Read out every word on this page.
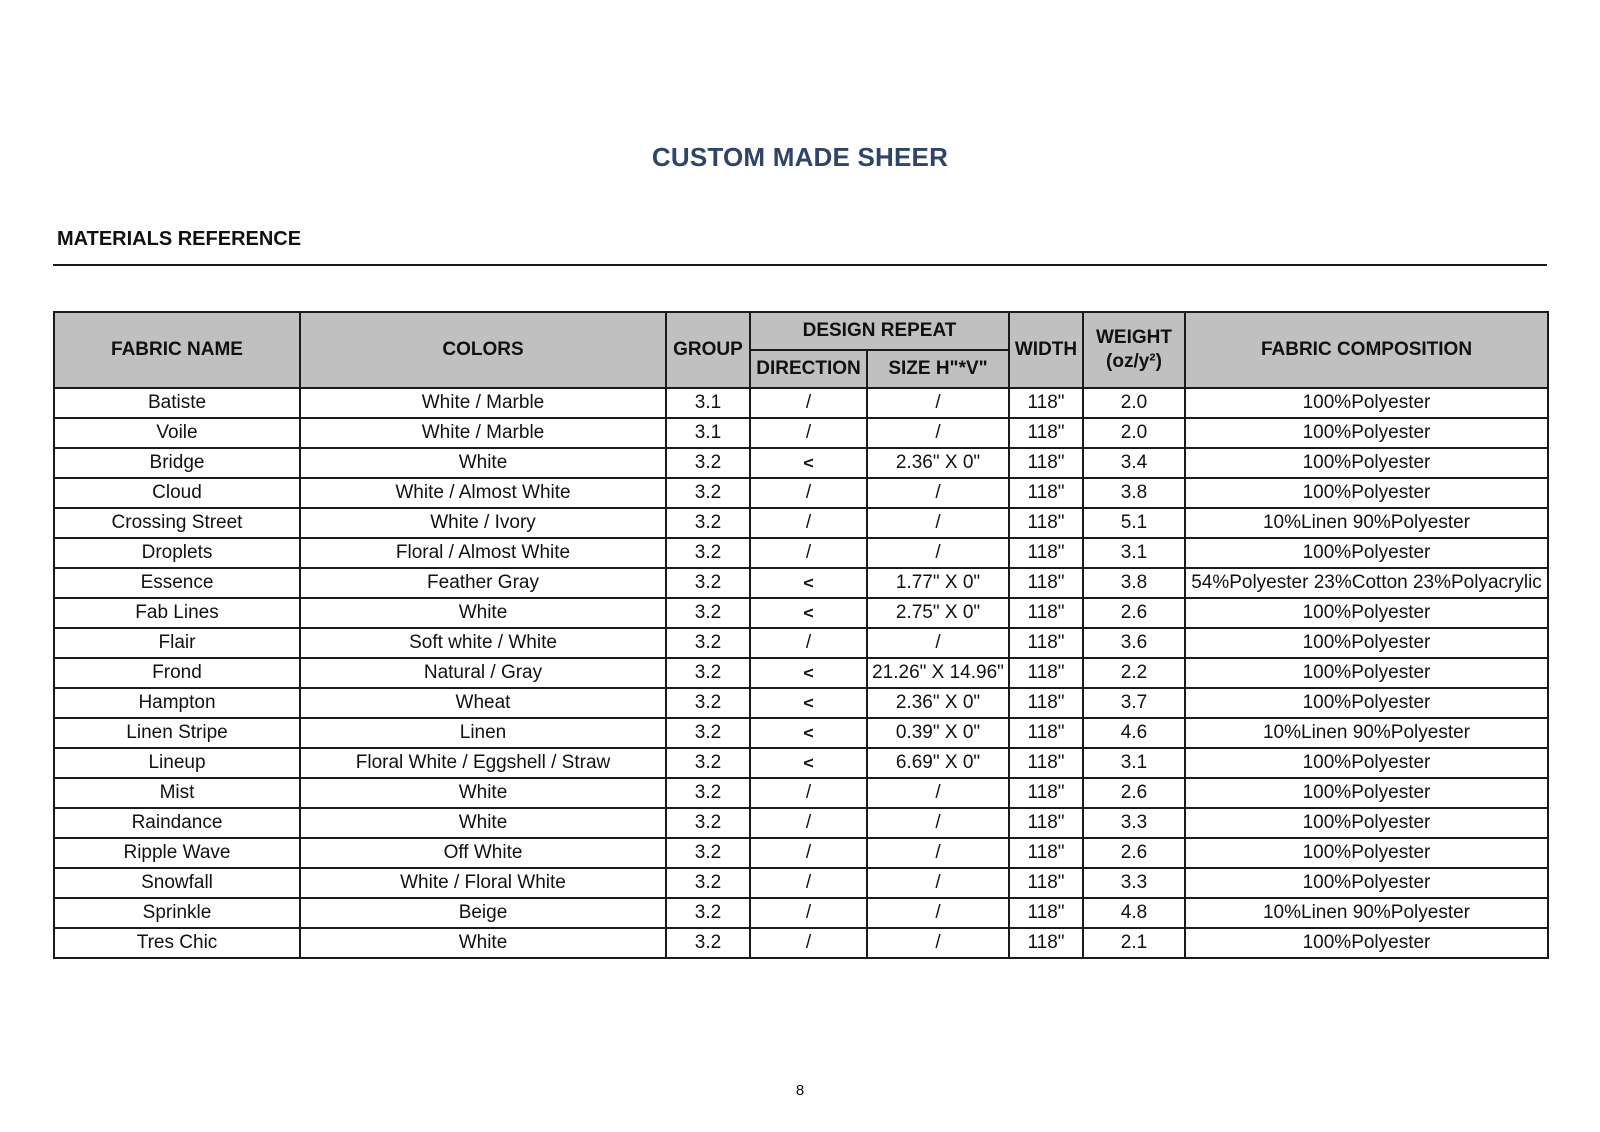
CUSTOM MADE SHEER
MATERIALS REFERENCE
FABRIC NAME	COLORS	GROUP	DESIGN REPEAT		WIDTH	WEIGHT (oz/y²)	FABRIC COMPOSITION
			DIRECTION	SIZE H"*V"			
Batiste	White / Marble	3.1	/	/	118"	2.0	100%Polyester
Voile	White / Marble	3.1	/	/	118"	2.0	100%Polyester
Bridge	White	3.2	<	2.36" X 0"	118"	3.4	100%Polyester
Cloud	White / Almost White	3.2	/	/	118"	3.8	100%Polyester
Crossing Street	White / Ivory	3.2	/	/	118"	5.1	10%Linen 90%Polyester
Droplets	Floral / Almost White	3.2	/	/	118"	3.1	100%Polyester
Essence	Feather Gray	3.2	<	1.77" X 0"	118"	3.8	54%Polyester 23%Cotton 23%Polyacrylic
Fab Lines	White	3.2	<	2.75" X 0"	118"	2.6	100%Polyester
Flair	Soft white / White	3.2	/	/	118"	3.6	100%Polyester
Frond	Natural / Gray	3.2	<	21.26" X 14.96"	118"	2.2	100%Polyester
Hampton	Wheat	3.2	<	2.36" X 0"	118"	3.7	100%Polyester
Linen Stripe	Linen	3.2	<	0.39" X 0"	118"	4.6	10%Linen 90%Polyester
Lineup	Floral White / Eggshell / Straw	3.2	<	6.69" X 0"	118"	3.1	100%Polyester
Mist	White	3.2	/	/	118"	2.6	100%Polyester
Raindance	White	3.2	/	/	118"	3.3	100%Polyester
Ripple Wave	Off White	3.2	/	/	118"	2.6	100%Polyester
Snowfall	White / Floral White	3.2	/	/	118"	3.3	100%Polyester
Sprinkle	Beige	3.2	/	/	118"	4.8	10%Linen 90%Polyester
Tres Chic	White	3.2	/	/	118"	2.1	100%Polyester
8
